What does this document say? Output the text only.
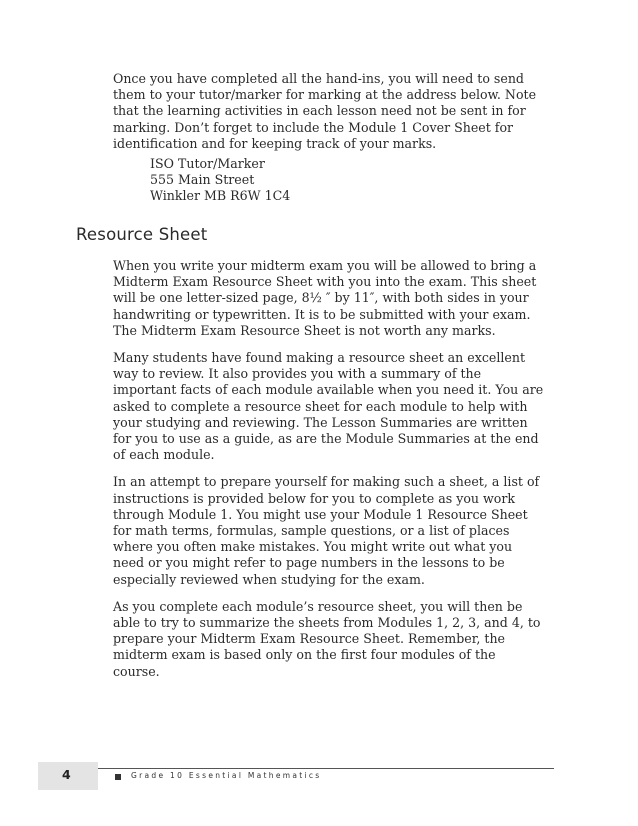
Once you have completed all the hand-ins, you will need to send them to your tutor/marker for marking at the address below. Note that the learning activities in each lesson need not be sent in for marking. Don’t forget to include the Module 1 Cover Sheet for identification and for keeping track of your marks.

ISO Tutor/Marker
555 Main Street
Winkler MB R6W 1C4
Resource Sheet

When you write your midterm exam you will be allowed to bring a Midterm Exam Resource Sheet with you into the exam. This sheet will be one letter-sized page, 8½ ″ by 11″, with both sides in your handwriting or typewritten. It is to be submitted with your exam. The Midterm Exam Resource Sheet is not worth any marks.

Many students have found making a resource sheet an excellent way to review. It also provides you with a summary of the important facts of each module available when you need it. You are asked to complete a resource sheet for each module to help with your studying and reviewing. The Lesson Summaries are written for you to use as a guide, as are the Module Summaries at the end of each module.

In an attempt to prepare yourself for making such a sheet, a list of instructions is provided below for you to complete as you work through Module 1. You might use your Module 1 Resource Sheet for math terms, formulas, sample questions, or a list of places where you often make mistakes. You might write out what you need or you might refer to page numbers in the lessons to be especially reviewed when studying for the exam.

As you complete each module’s resource sheet, you will then be able to try to summarize the sheets from Modules 1, 2, 3, and 4, to prepare your Midterm Exam Resource Sheet. Remember, the midterm exam is based only on the first four modules of the course.

4	Grade 10 Essential Mathematics
